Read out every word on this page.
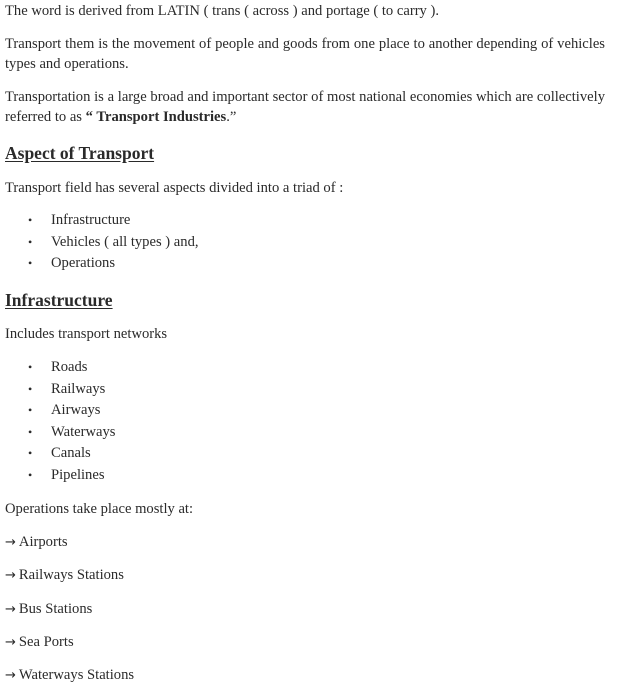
The word is derived from LATIN ( trans ( across ) and portage ( to carry ).

Transport them is the movement of people and goods from one place to another depending of vehicles types and operations.

Transportation is a large broad and important sector of most national economies which are collectively referred to as “ Transport Industries.”

Aspect of Transport

Transport field has several aspects divided into a triad of :

• Infrastructure
• Vehicles ( all types ) and,
• Operations
Infrastructure

Includes transport networks

• Roads
• Railways
• Airways
• Waterways
• Canals
• Pipelines

Operations take place mostly at:

→ Airports
→ Railways Stations
→ Bus Stations
→ Sea Ports
→ Waterways Stations
